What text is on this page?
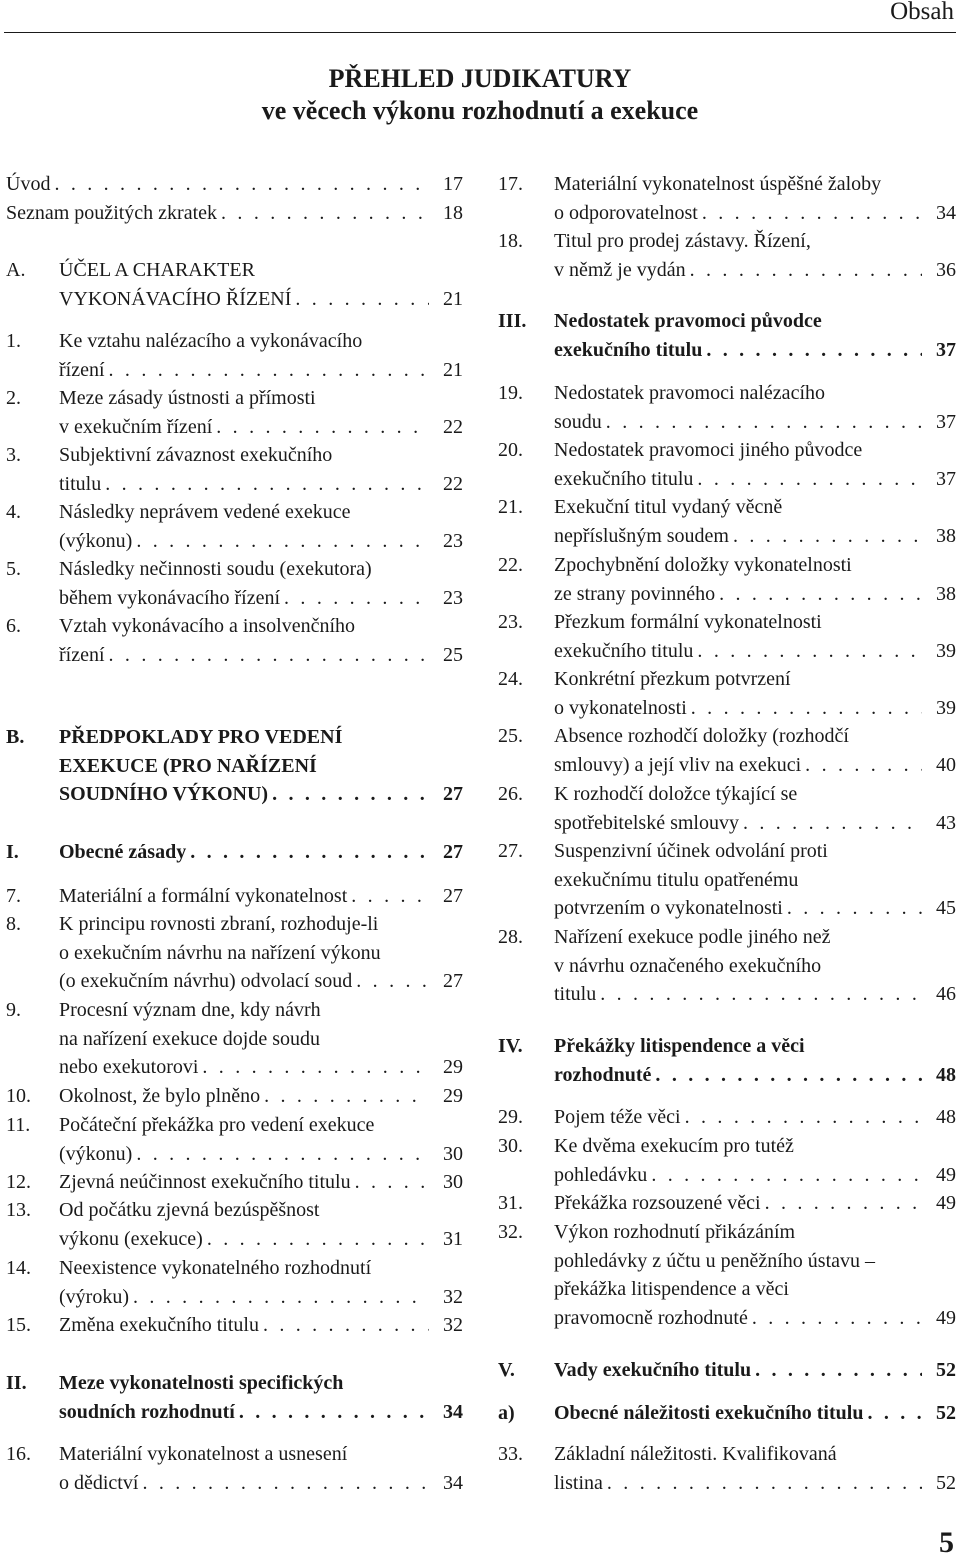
Obsah
PŘEHLED JUDIKATURY
ve věcech výkonu rozhodnutí a exekuce
Úvod . . .	17
Seznam použitých zkratek . . .	18
A.	ÚČEL A CHARAKTER
VYKONÁVACÍHO ŘÍZENÍ . . .	21
1.	Ke vztahu nalézacího a vykonávacího
řízení . . .	21
2.	Meze zásady ústnosti a přímosti
v exekučním řízení . . .	22
3.	Subjektivní závaznost exekučního
titulu . . .	22
4.	Následky neprávem vedené exekuce
(výkonu) . . .	23
5.	Následky nečinnosti soudu (exekutora)
během vykonávacího řízení . . .	23
6.	Vztah vykonávacího a insolvenčního
řízení . . .	25
B.	PŘEDPOKLADY PRO VEDENÍ
EXEKUCE (PRO NAŘÍZENÍ
SOUDNÍHO VÝKONU) . . .	27
I.	Obecné zásady . . .	27
7.	Materiální a formální vykonatelnost . . .	27
8.	K principu rovnosti zbraní, rozhoduje-li
o exekučním návrhu na nařízení výkonu
(o exekučním návrhu) odvolací soud . . .	27
9.	Procesní význam dne, kdy návrh
na nařízení exekuce dojde soudu
nebo exekutorovi . . .	29
10.	Okolnost, že bylo plněno . . .	29
11.	Počáteční překážka pro vedení exekuce
(výkonu) . . .	30
12.	Zjevná neúčinnost exekučního titulu . . .	30
13.	Od počátku zjevná bezúspěšnost
výkonu (exekuce) . . .	31
14.	Neexistence vykonatelného rozhodnutí
(výroku) . . .	32
15.	Změna exekučního titulu . . .	32
II.	Meze vykonatelnosti specifických
soudních rozhodnutí . . .	34
16.	Materiální vykonatelnost a usnesení
o dědictví . . .	34
17.	Materiální vykonatelnost úspěšné žaloby
o odporovatelnost . . .	34
18.	Titul pro prodej zástavy. Řízení,
v němž je vydán . . .	36
III.	Nedostatek pravomoci původce
exekučního titulu . . .	37
19.	Nedostatek pravomoci nalézacího
soudu . . .	37
20.	Nedostatek pravomoci jiného původce
exekučního titulu . . .	37
21.	Exekuční titul vydaný věcně
nepříslušným soudem . . .	38
22.	Zpochybnění doložky vykonatelnosti
ze strany povinného . . .	38
23.	Přezkum formální vykonatelnosti
exekučního titulu . . .	39
24.	Konkrétní přezkum potvrzení
o vykonatelnosti . . .	39
25.	Absence rozhodčí doložky (rozhodčí
smlouvy) a její vliv na exekuci . . .	40
26.	K rozhodčí doložce týkající se
spotřebitelské smlouvy . . .	43
27.	Suspenzivní účinek odvolání proti
exekučnímu titulu opatřenému
potvrzením o vykonatelnosti . . .	45
28.	Nařízení exekuce podle jiného než
v návrhu označeného exekučního
titulu . . .	46
IV.	Překážky litispendence a věci
rozhodnuté . . .	48
29.	Pojem téže věci . . .	48
30.	Ke dvěma exekucím pro tutéž
pohledávku . . .	49
31.	Překážka rozsouzené věci . . .	49
32.	Výkon rozhodnutí přikázáním
pohledávky z účtu u peněžního ústavu –
překážka litispendence a věci
pravomocně rozhodnuté . . .	49
V.	Vady exekučního titulu . . .	52
a)	Obecné náležitosti exekučního titulu . . .	52
33.	Základní náležitosti. Kvalifikovaná
listina . . .	52
5
